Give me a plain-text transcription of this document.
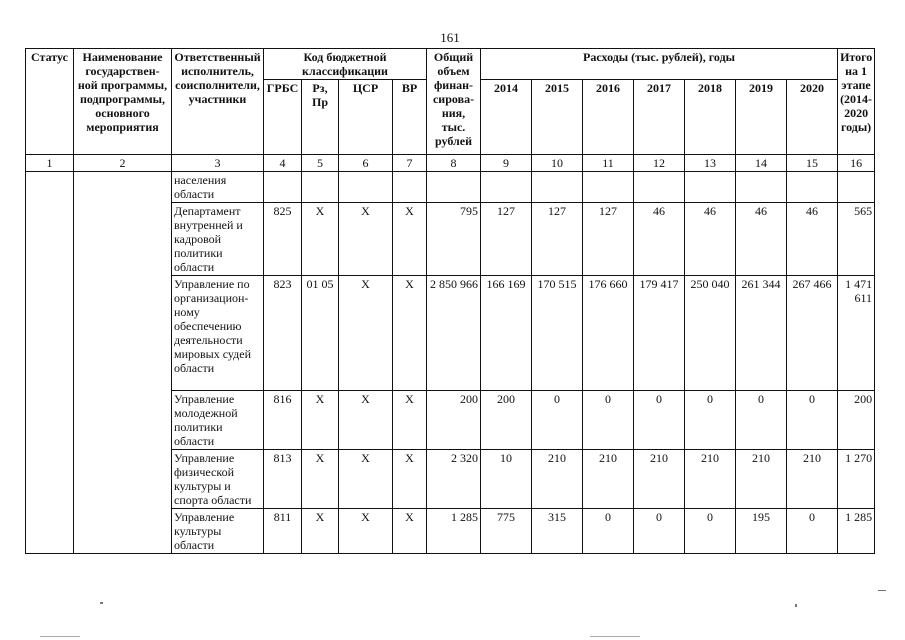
161
Статус	Наименование государствен- ной программы, подпрограммы, основного мероприятия	Ответственный исполнитель, соисполнители, участники	Код бюджетной классификации				Общий объем финан- сирова- ния, тыс. рублей	Расходы (тыс. рублей), годы							Итого на 1 этапе (2014- 2020 годы)
			ГРБС	Рз, Пр	ЦСР	ВР		2014	2015	2016	2017	2018	2019	2020	
1	2	3	4	5	6	7	8	9	10	11	12	13	14	15	16
		населения области													
		Департамент внутренней и кадровой политики области	825	Х	Х	Х	795	127	127	127	46	46	46	46	565
		Управление по организацион- ному обеспечению деятельности мировых судей области	823	01 05	Х	Х	2 850 966	166 169	170 515	176 660	179 417	250 040	261 344	267 466	1 471 611
		Управление молодежной политики области	816	Х	Х	Х	200	200	0	0	0	0	0	0	200
		Управление физической культуры и спорта области	813	Х	Х	Х	2 320	10	210	210	210	210	210	210	1 270
		Управление культуры области	811	Х	Х	Х	1 285	775	315	0	0	0	195	0	1 285
